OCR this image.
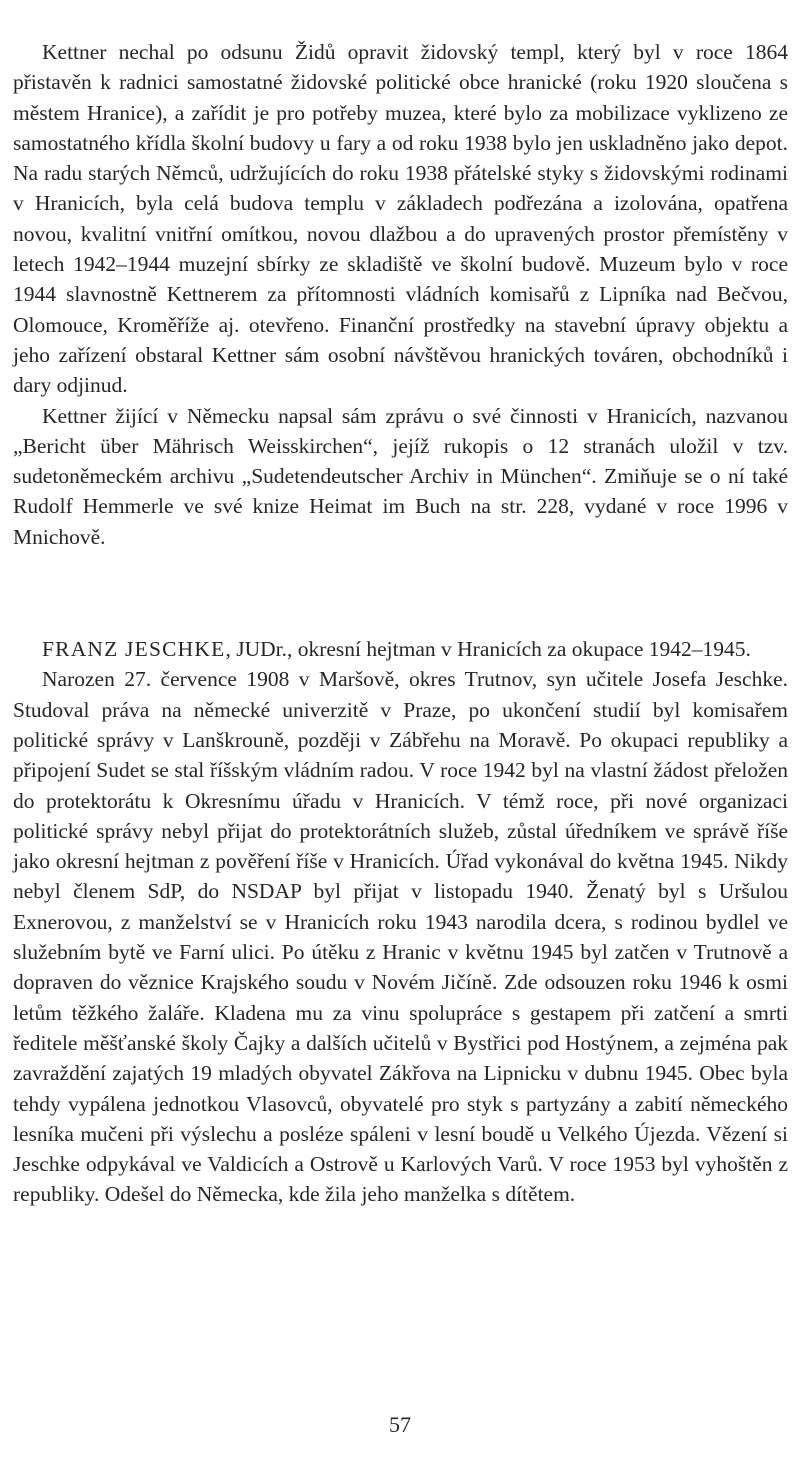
Kettner nechal po odsunu Židů opravit židovský templ, který byl v roce 1864 přistavěn k radnici samostatné židovské politické obce hranické (roku 1920 sloučena s městem Hranice), a zařídit je pro potřeby muzea, které bylo za mobilizace vyklizeno ze samostatného křídla školní budovy u fary a od roku 1938 bylo jen uskladněno jako depot. Na radu starých Němců, udržujících do roku 1938 přátelské styky s židovskými rodinami v Hranicích, byla celá budova templu v základech podřezána a izolována, opatřena novou, kvalitní vnitřní omítkou, novou dlažbou a do upravených prostor přemístěny v letech 1942–1944 muzejní sbírky ze skladiště ve školní budově. Muzeum bylo v roce 1944 slavnostně Kettnerem za přítomnosti vládních komisařů z Lipníka nad Bečvou, Olomouce, Kroměříže aj. otevřeno. Finanční prostředky na stavební úpravy objektu a jeho zařízení obstaral Kettner sám osobní návštěvou hranických továren, obchodníků i dary odjinud.

Kettner žijící v Německu napsal sám zprávu o své činnosti v Hranicích, nazvanou „Bericht über Mährisch Weisskirchen“, jejíž rukopis o 12 stranách uložil v tzv. sudetoněmeckém archivu „Sudetendeutscher Archiv in München“. Zmiňuje se o ní také Rudolf Hemmerle ve své knize Heimat im Buch na str. 228, vydané v roce 1996 v Mnichově.

FRANZ JESCHKE, JUDr., okresní hejtman v Hranicích za okupace 1942–1945.

Narozen 27. července 1908 v Maršově, okres Trutnov, syn učitele Josefa Jeschke. Studoval práva na německé univerzitě v Praze, po ukončení studií byl komisařem politické správy v Lanškrouně, později v Zábřehu na Moravě. Po okupaci republiky a připojení Sudet se stal říšským vládním radou. V roce 1942 byl na vlastní žádost přeložen do protektorátu k Okresnímu úřadu v Hranicích. V témž roce, při nové organizaci politické správy nebyl přijat do protektorátních služeb, zůstal úředníkem ve správě říše jako okresní hejtman z pověření říše v Hranicích. Úřad vykonával do května 1945. Nikdy nebyl členem SdP, do NSDAP byl přijat v listopadu 1940. Ženatý byl s Uršulou Exnerovou, z manželství se v Hranicích roku 1943 narodila dcera, s rodinou bydlel ve služebním bytě ve Farní ulici. Po útěku z Hranic v květnu 1945 byl zatčen v Trutnově a dopraven do věznice Krajského soudu v Novém Jičíně. Zde odsouzen roku 1946 k osmi letům těžkého žaláře. Kladena mu za vinu spolupráce s gestapem při zatčení a smrti ředitele měšťanské školy Čajky a dalších učitelů v Bystřici pod Hostýnem, a zejména pak zavraždění zajatých 19 mladých obyvatel Zákřova na Lipnicku v dubnu 1945. Obec byla tehdy vypálena jednotkou Vlasovců, obyvatelé pro styk s partyzány a zabití německého lesníka mučeni při výslechu a posléze spáleni v lesní boudě u Velkého Újezda. Vězení si Jeschke odpykával ve Valdicích a Ostrově u Karlových Varů. V roce 1953 byl vyhoštěn z republiky. Odešel do Německa, kde žila jeho manželka s dítětem.

57
